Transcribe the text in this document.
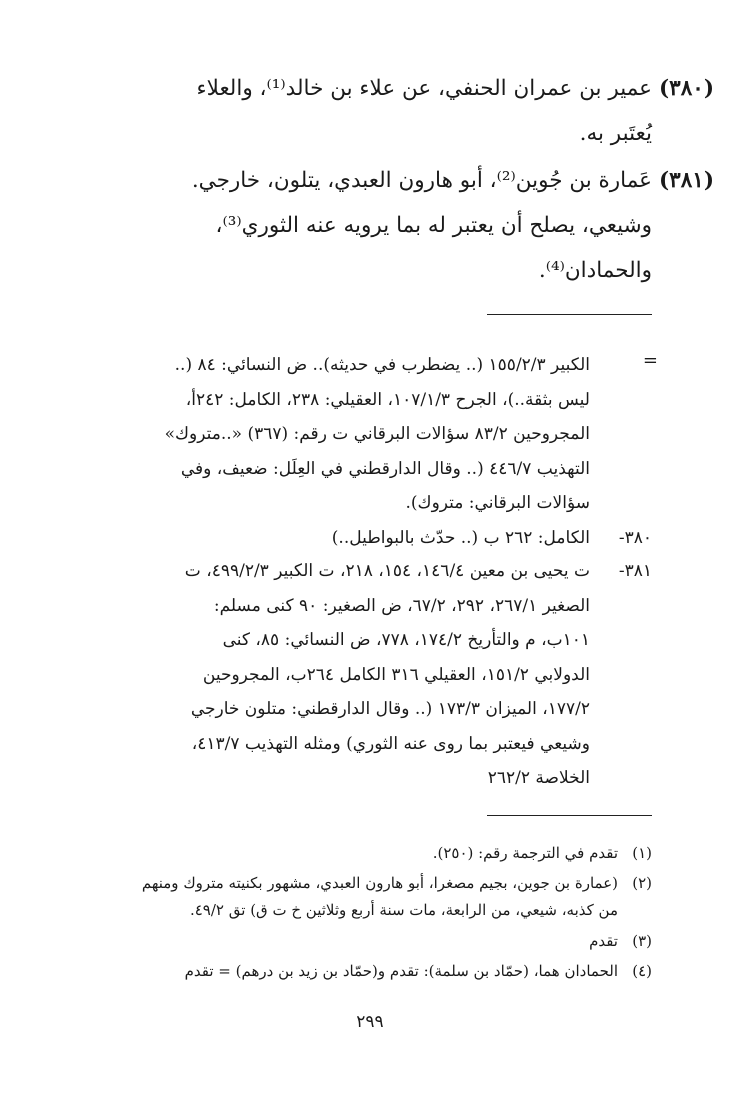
(٣٨٠)

عمير بن عمران الحنفي، عن علاء بن خالد⁽¹⁾، والعلاء
يُعتَبر به.

(٣٨١)

عَمارة بن جُوين⁽²⁾، أبو هارون العبدي، يتلون، خارجي.
وشيعي، يصلح أن يعتبر له بما يرويه عنه الثوري⁽³⁾،
والحمادان⁽⁴⁾.

=
الكبير ١٥٥/٢/٣ (.. يضطرب في حديثه).. ض النسائي: ٨٤ (..
ليس بثقة..)، الجرح ١٠٧/١/٣، العقيلي: ٢٣٨، الكامل: ٢٤٢أ،
المجروحين ٨٣/٢ سؤالات البرقاني ت رقم: (٣٦٧) «..متروك»
التهذيب ٤٤٦/٧ (.. وقال الدارقطني في العِلَل: ضعيف، وفي
سؤالات البرقاني: متروك).
٣٨٠-
الكامل: ٢٦٢ ب (.. حدّث بالبواطيل..)
٣٨١-
ت يحيى بن معين ١٤٦/٤، ١٥٤، ٢١٨، ت الكبير ٤٩٩/٢/٣، ت
الصغير ٢٦٧/١، ٢٩٢، ٦٧/٢، ض الصغير: ٩٠ كنى مسلم:
١٠١ب، م والتأريخ ١٧٤/٢، ٧٧٨، ض النسائي: ٨٥، كنى
الدولابي ١٥١/٢، العقيلي ٣١٦ الكامل ٢٦٤ب، المجروحين
١٧٧/٢، الميزان ١٧٣/٣ (.. وقال الدارقطني: متلون خارجي
وشيعي فيعتبر بما روى عنه الثوري) ومثله التهذيب ٤١٣/٧،
الخلاصة ٢٦٢/٢
(١)
تقدم في الترجمة رقم: (٢٥٠).
(٢)
(عمارة بن جوين، بجيم مصغرا، أبو هارون العبدي، مشهور بكنيته متروك ومنهم
من كذبه، شيعي، من الرابعة، مات سنة أربع وثلاثين خ ت ق) تق ٤٩/٢.
(٣)
تقدم
(٤)
الحمادان هما، (حمّاد بن سلمة): تقدم و(حمّاد بن زيد بن درهم) = تقدم
٢٩٩
